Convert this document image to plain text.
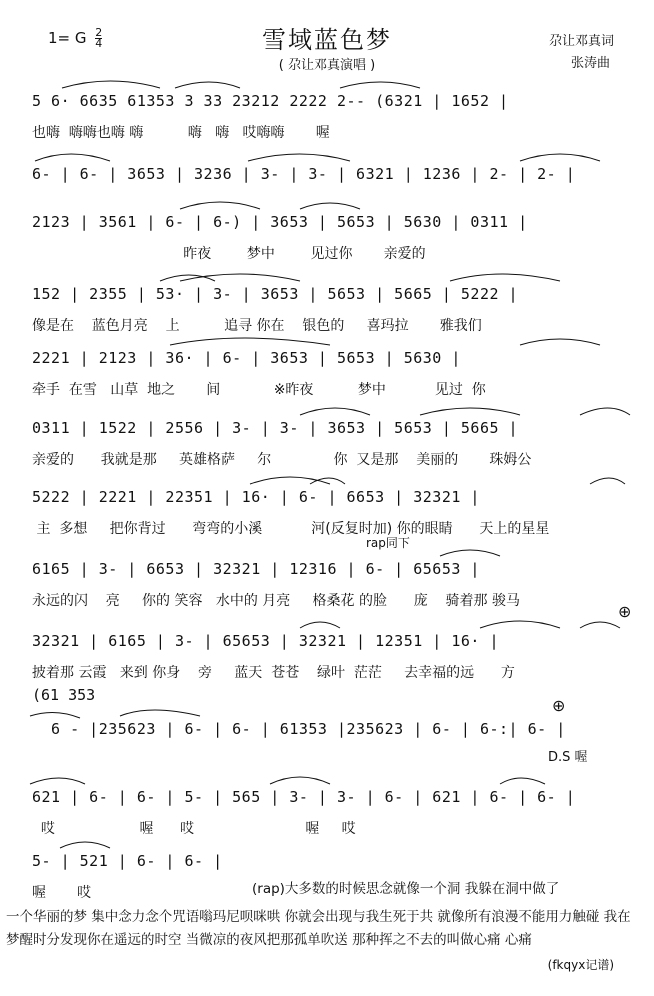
1= G $\frac{2}{4}$	雪域蓝色梦
( 尕让邓真演唱 )
尕让邓真词
张涛曲
5 6· 6635 61353 3 33 23212 2222 2-- (6321 | 1652 |
也嗨  嗨嗨也嗨 嗨          嗨   嗨   哎嗨嗨       喔
6- | 6- | 3653 | 3236 | 3- | 3- | 6321 | 1236 | 2- | 2- |
2123 | 3561 | 6- | 6-) | 3653 | 5653 | 5630 | 0311 |
昨夜        梦中        见过你       亲爱的
152 | 2355 | 53· | 3- | 3653 | 5653 | 5665 | 5222 |
像是在    蓝色月亮    上          追寻 你在    银色的     喜玛拉       雅我们
2221 | 2123 | 36· | 6- | 3653 | 5653 | 5630 |
牵手  在雪   山草  地之       间            ※昨夜          梦中           见过  你
0311 | 1522 | 2556 | 3- | 3- | 3653 | 5653 | 5665 |
亲爱的      我就是那     英雄格萨     尔              你  又是那    美丽的       珠姆公
5222 | 2221 | 22351 | 16· | 6- | 6653 | 32321 |
主  多想     把你背过      弯弯的小溪           河(反复时加) 你的眼睛      天上的星星
rap同下
6165 | 3- | 6653 | 32321 | 12316 | 6- | 65653 |
永远的闪    亮     你的 笑容   水中的 月亮     格桑花 的脸      庞    骑着那 骏马
⊕
32321 | 6165 | 3- | 65653 | 32321 | 12351 | 16· |
披着那 云霞   来到 你身    旁     蓝天  苍苍    绿叶  茫茫     去幸福的远      方
(61 353
⊕
6 - |235623 | 6- | 6- | 61353 |235623 | 6- | 6-:| 6- |
D.S 喔
621 | 6- | 6- | 5- | 565 | 3- | 3- | 6- | 621 | 6- | 6- |
哎                   喔      哎                         喔     哎
5- | 521 | 6- | 6- |
喔       哎	(rap)大多数的时候思念就像一个洞 我躲在洞中做了
一个华丽的梦 集中念力念个咒语嗡玛尼呗咪哄 你就会出现与我生死于共 就像所有浪漫不能用力触碰 我在梦醒时分发现你在遥远的时空 当微凉的夜风把那孤单吹送 那种挥之不去的叫做心痛 心痛
(fkqyx记谱)
